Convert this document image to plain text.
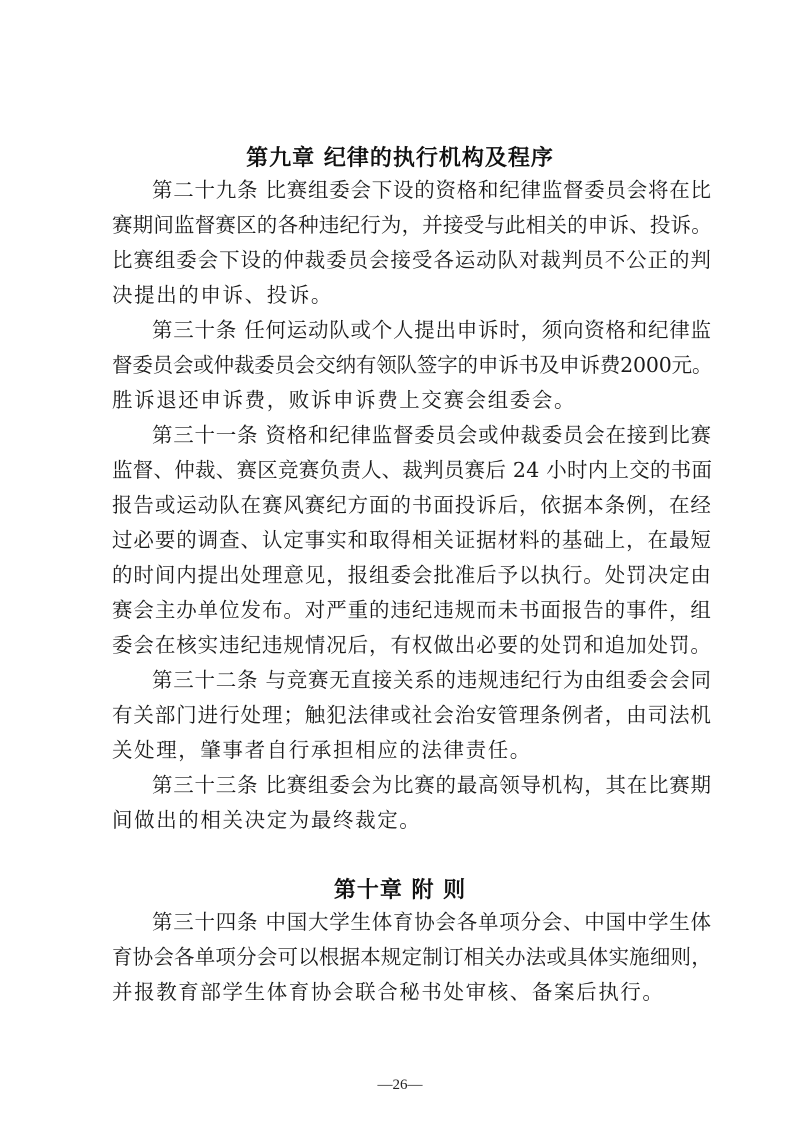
第九章 纪律的执行机构及程序
第二十九条 比赛组委会下设的资格和纪律监督委员会将在比
赛期间监督赛区的各种违纪行为，并接受与此相关的申诉、投诉。
比赛组委会下设的仲裁委员会接受各运动队对裁判员不公正的判
决提出的申诉、投诉。
第三十条 任何运动队或个人提出申诉时，须向资格和纪律监
督委员会或仲裁委员会交纳有领队签字的申诉书及申诉费2000元。
胜诉退还申诉费，败诉申诉费上交赛会组委会。
第三十一条 资格和纪律监督委员会或仲裁委员会在接到比赛
监督、仲裁、赛区竞赛负责人、裁判员赛后 24 小时内上交的书面
报告或运动队在赛风赛纪方面的书面投诉后，依据本条例，在经
过必要的调查、认定事实和取得相关证据材料的基础上，在最短
的时间内提出处理意见，报组委会批准后予以执行。处罚决定由
赛会主办单位发布。对严重的违纪违规而未书面报告的事件，组
委会在核实违纪违规情况后，有权做出必要的处罚和追加处罚。
第三十二条 与竞赛无直接关系的违规违纪行为由组委会会同
有关部门进行处理；触犯法律或社会治安管理条例者，由司法机
关处理，肇事者自行承担相应的法律责任。
第三十三条 比赛组委会为比赛的最高领导机构，其在比赛期
间做出的相关决定为最终裁定。
第十章 附 则
第三十四条 中国大学生体育协会各单项分会、中国中学生体
育协会各单项分会可以根据本规定制订相关办法或具体实施细则，
并报教育部学生体育协会联合秘书处审核、备案后执行。
—26—
